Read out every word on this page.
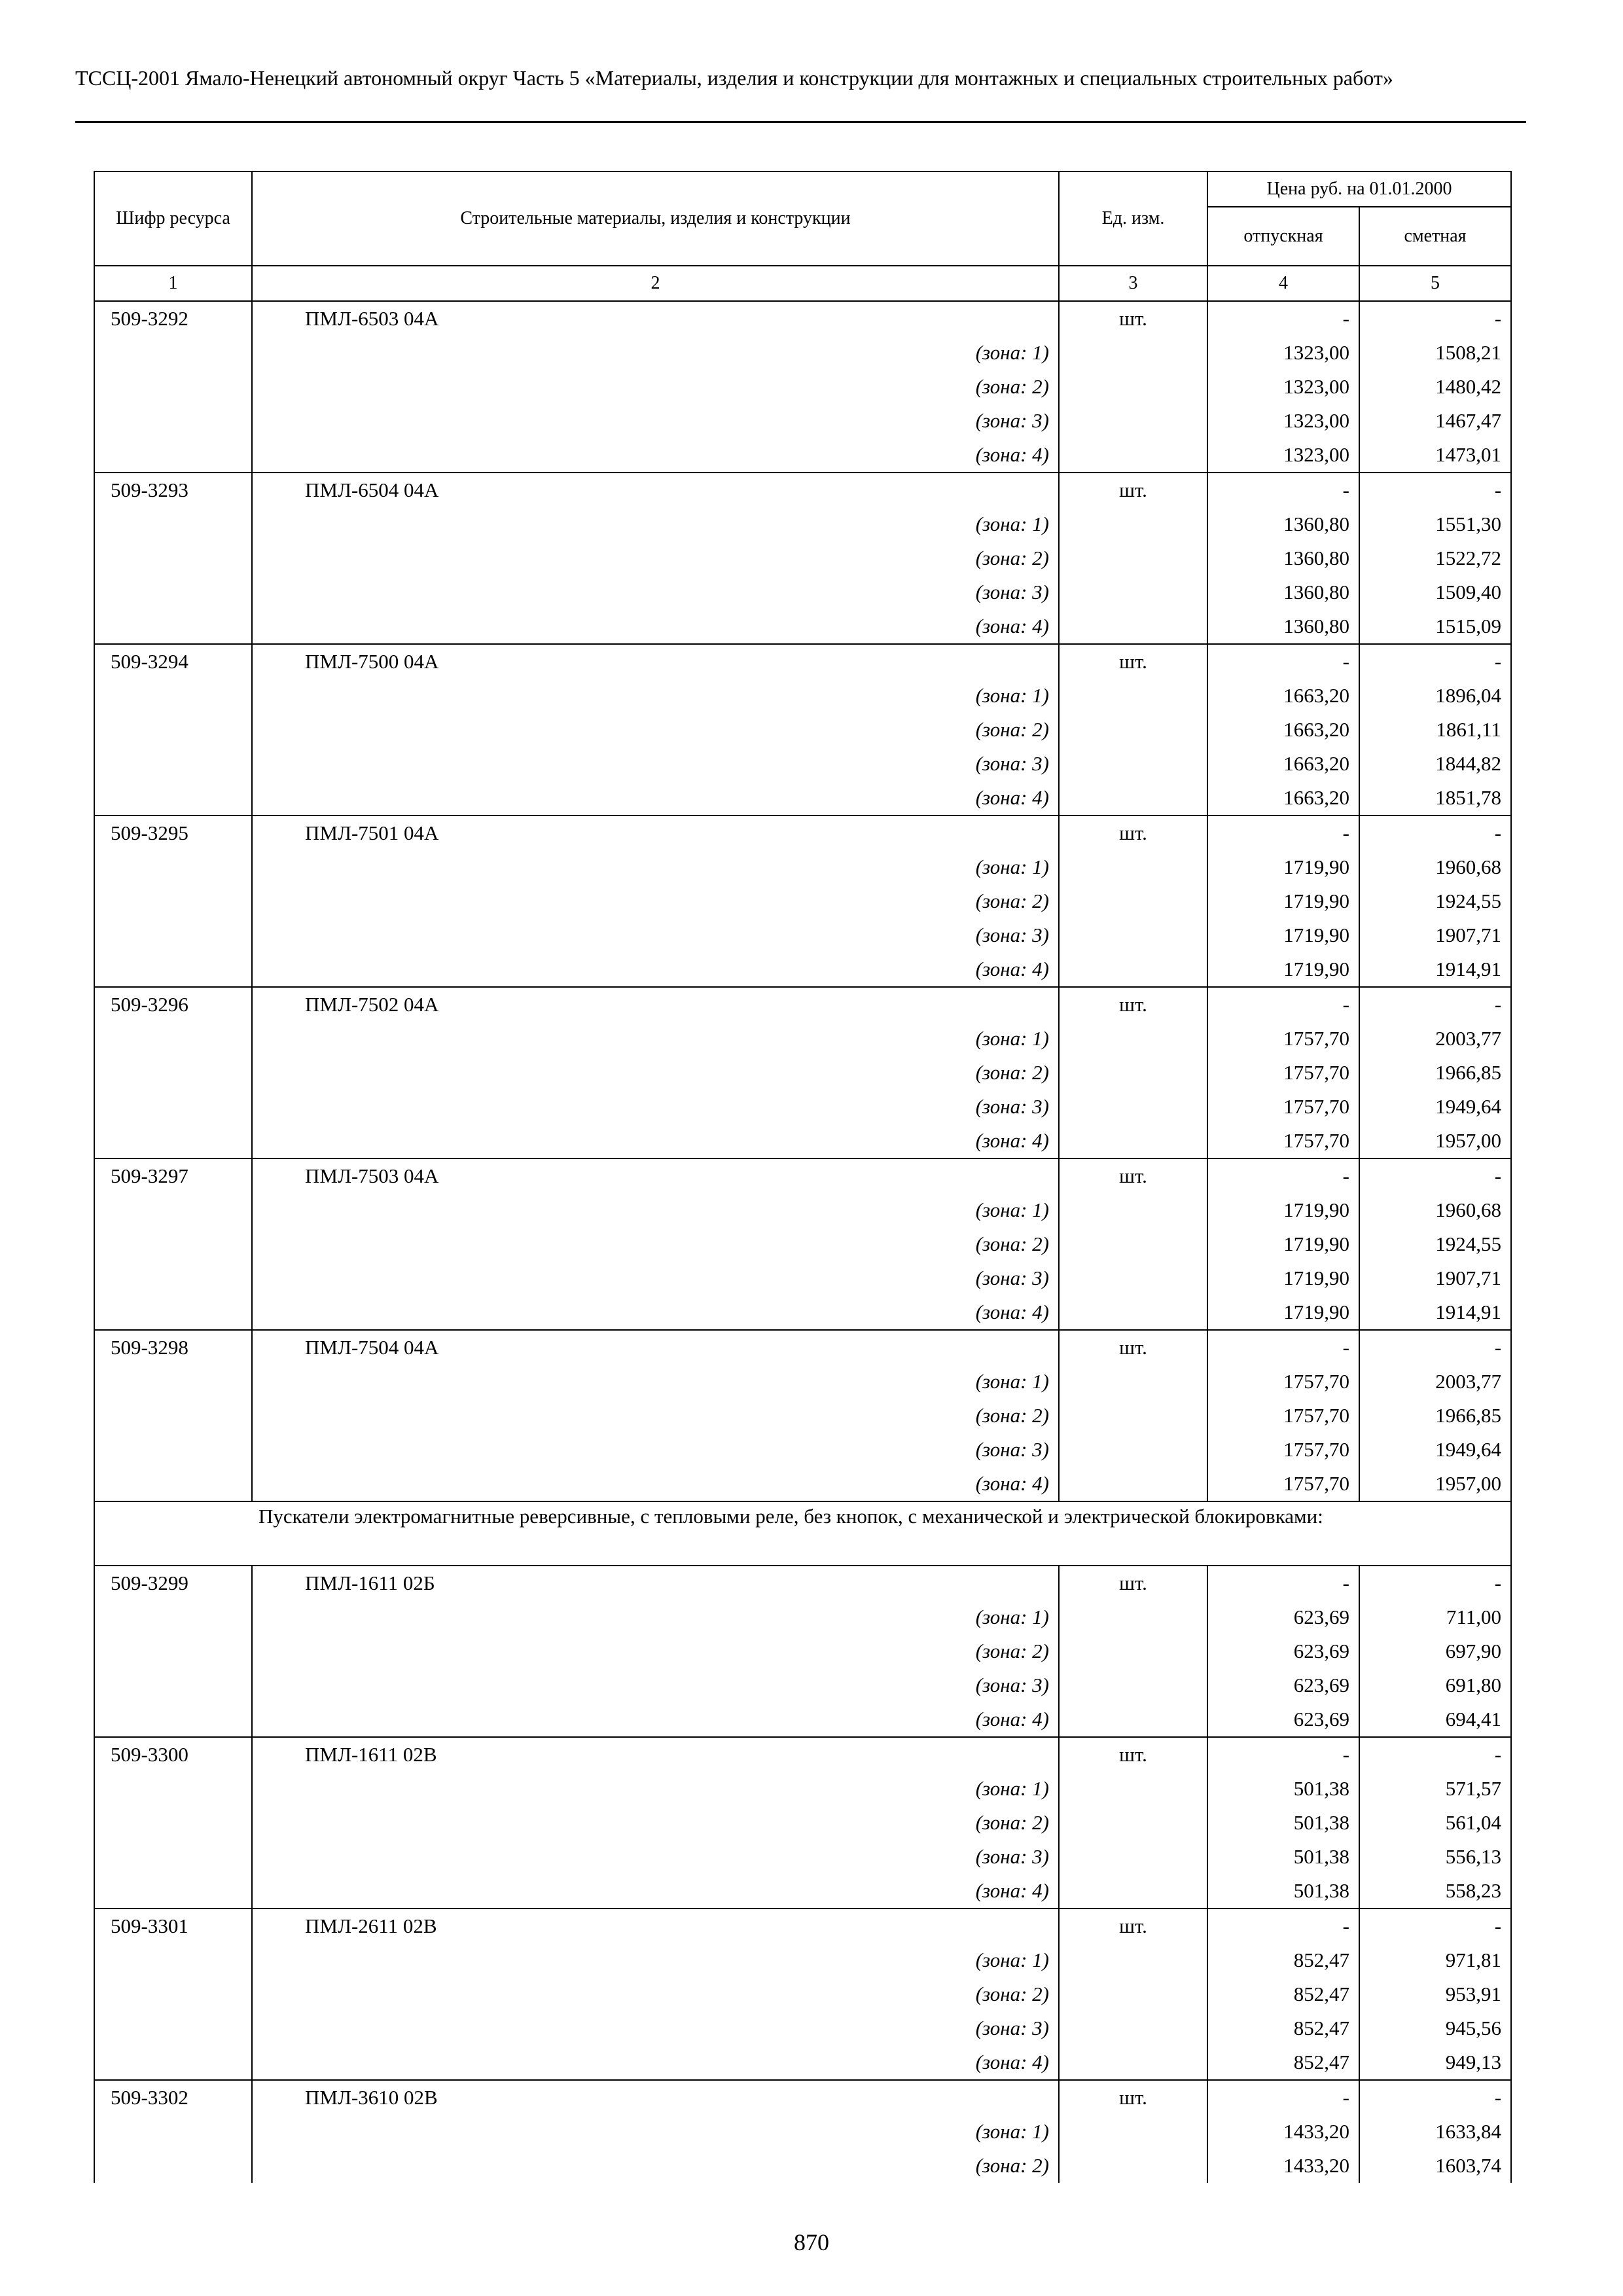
ТССЦ-2001 Ямало-Ненецкий автономный округ Часть 5 «Материалы, изделия и конструкции для монтажных и специальных строительных работ»
Шифр ресурса	Строительные материалы, изделия и конструкции	Ед. изм.	Цена руб. на 01.01.2000	
			отпускная	сметная
1	2	3	4	5
509-3292	ПМЛ-6503 04А	шт.	-	-
	(зона: 1)		1323,00	1508,21
	(зона: 2)		1323,00	1480,42
	(зона: 3)		1323,00	1467,47
	(зона: 4)		1323,00	1473,01
509-3293	ПМЛ-6504 04А	шт.	-	-
	(зона: 1)		1360,80	1551,30
	(зона: 2)		1360,80	1522,72
	(зона: 3)		1360,80	1509,40
	(зона: 4)		1360,80	1515,09
509-3294	ПМЛ-7500 04А	шт.	-	-
	(зона: 1)		1663,20	1896,04
	(зона: 2)		1663,20	1861,11
	(зона: 3)		1663,20	1844,82
	(зона: 4)		1663,20	1851,78
509-3295	ПМЛ-7501 04А	шт.	-	-
	(зона: 1)		1719,90	1960,68
	(зона: 2)		1719,90	1924,55
	(зона: 3)		1719,90	1907,71
	(зона: 4)		1719,90	1914,91
509-3296	ПМЛ-7502 04А	шт.	-	-
	(зона: 1)		1757,70	2003,77
	(зона: 2)		1757,70	1966,85
	(зона: 3)		1757,70	1949,64
	(зона: 4)		1757,70	1957,00
509-3297	ПМЛ-7503 04А	шт.	-	-
	(зона: 1)		1719,90	1960,68
	(зона: 2)		1719,90	1924,55
	(зона: 3)		1719,90	1907,71
	(зона: 4)		1719,90	1914,91
509-3298	ПМЛ-7504 04А	шт.	-	-
	(зона: 1)		1757,70	2003,77
	(зона: 2)		1757,70	1966,85
	(зона: 3)		1757,70	1949,64
	(зона: 4)		1757,70	1957,00
	Пускатели электромагнитные реверсивные, с тепловыми реле, без кнопок, с механической и электрической блокировками:			
509-3299	ПМЛ-1611 02Б	шт.	-	-
	(зона: 1)		623,69	711,00
	(зона: 2)		623,69	697,90
	(зона: 3)		623,69	691,80
	(зона: 4)		623,69	694,41
509-3300	ПМЛ-1611 02В	шт.	-	-
	(зона: 1)		501,38	571,57
	(зона: 2)		501,38	561,04
	(зона: 3)		501,38	556,13
	(зона: 4)		501,38	558,23
509-3301	ПМЛ-2611 02В	шт.	-	-
	(зона: 1)		852,47	971,81
	(зона: 2)		852,47	953,91
	(зона: 3)		852,47	945,56
	(зона: 4)		852,47	949,13
509-3302	ПМЛ-3610 02В	шт.	-	-
	(зона: 1)		1433,20	1633,84
	(зона: 2)		1433,20	1603,74
870
